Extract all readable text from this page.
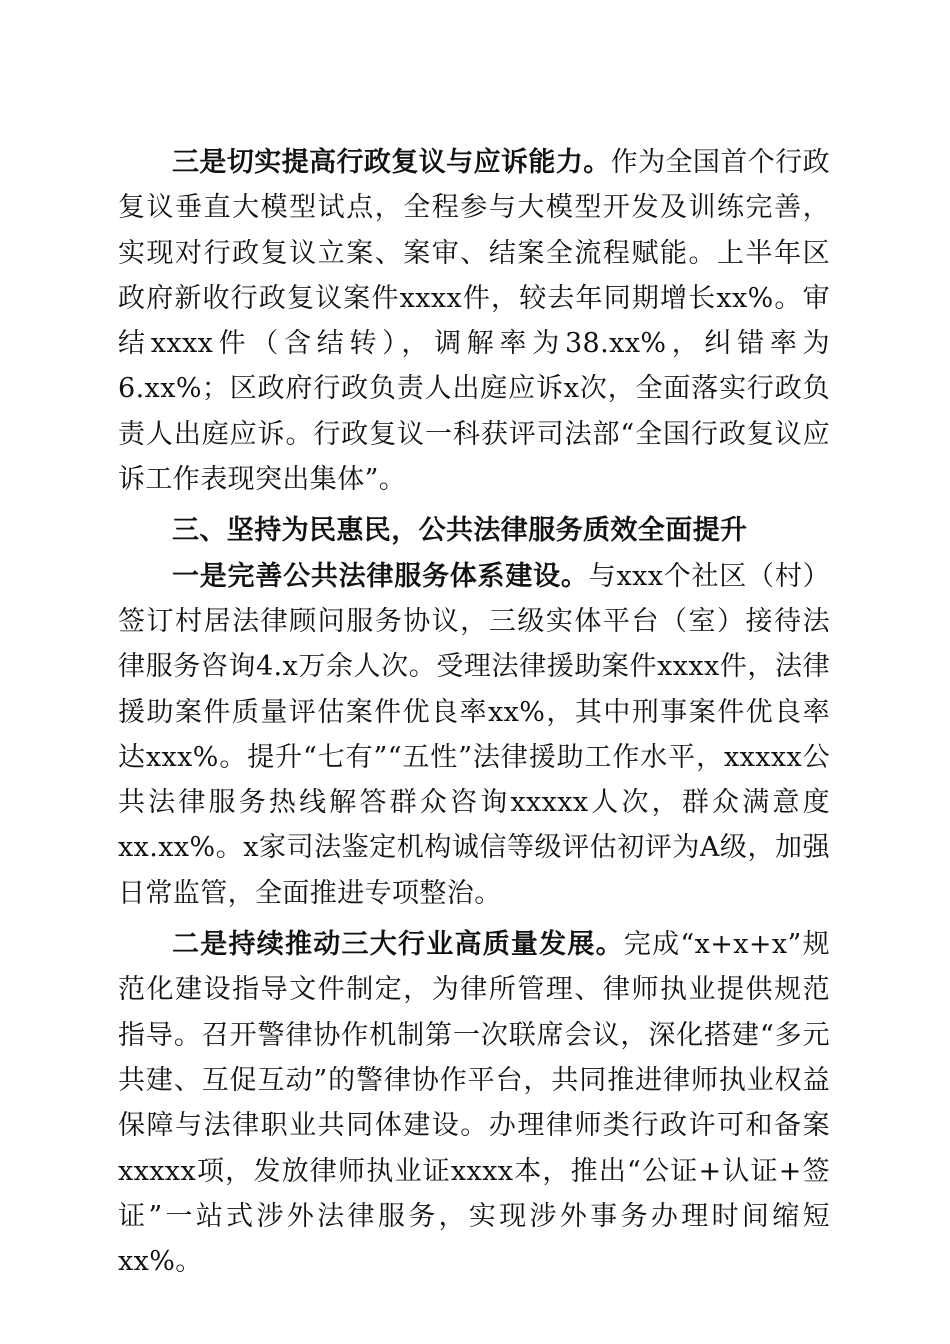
三是切实提高行政复议与应诉能力。作为全国首个行政复议垂直大模型试点，全程参与大模型开发及训练完善，实现对行政复议立案、案审、结案全流程赋能。上半年区政府新收行政复议案件xxxx件，较去年同期增长xx%。审结xxxx件（含结转），调解率为38.xx%，纠错率为6.xx%；区政府行政负责人出庭应诉x次，全面落实行政负责人出庭应诉。行政复议一科获评司法部“全国行政复议应诉工作表现突出集体”。

三、坚持为民惠民，公共法律服务质效全面提升

一是完善公共法律服务体系建设。与xxx个社区（村）签订村居法律顾问服务协议，三级实体平台（室）接待法律服务咨询4.x万余人次。受理法律援助案件xxxx件，法律援助案件质量评估案件优良率xx%，其中刑事案件优良率达xxx%。提升“七有”“五性”法律援助工作水平，xxxxx公共法律服务热线解答群众咨询xxxxx人次，群众满意度xx.xx%。x家司法鉴定机构诚信等级评估初评为A级，加强日常监管，全面推进专项整治。

二是持续推动三大行业高质量发展。完成“x+x+x”规范化建设指导文件制定，为律所管理、律师执业提供规范指导。召开警律协作机制第一次联席会议，深化搭建“多元共建、互促互动”的警律协作平台，共同推进律师执业权益保障与法律职业共同体建设。办理律师类行政许可和备案xxxxx项，发放律师执业证xxxx本，推出“公证+认证+签证”一站式涉外法律服务，实现涉外事务办理时间缩短xx%。
